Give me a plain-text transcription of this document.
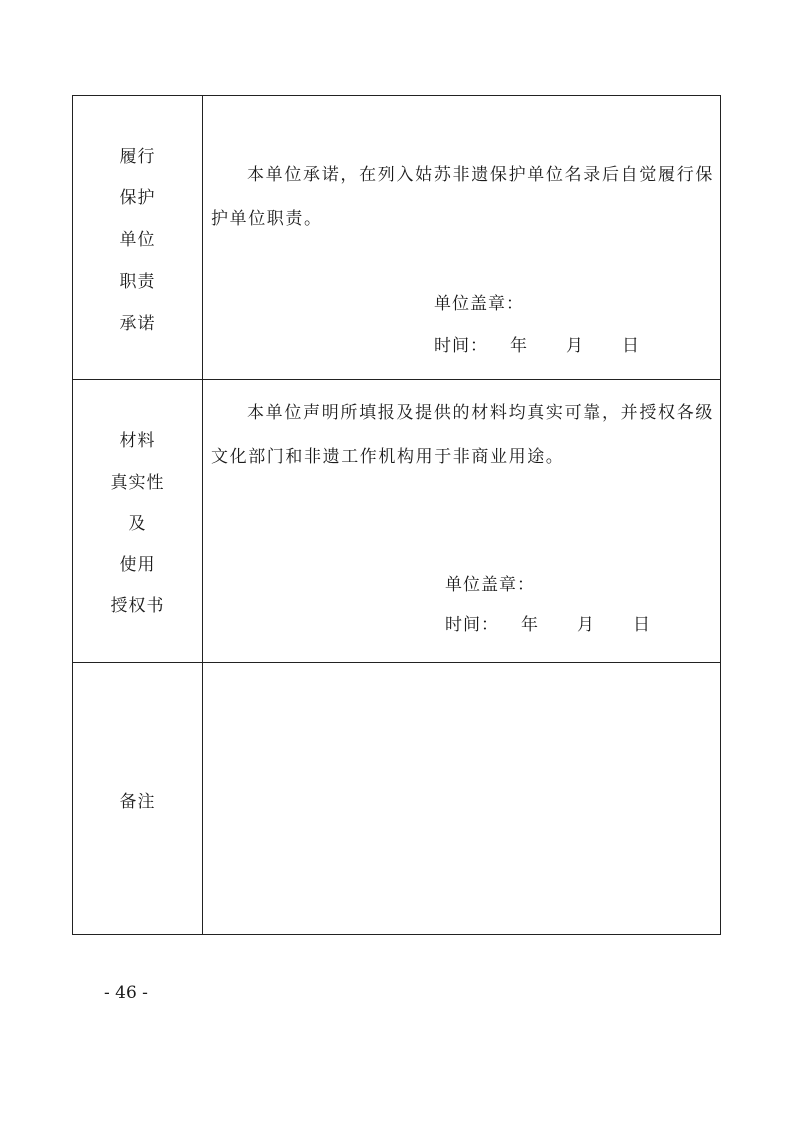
履行
保护
单位
职责
承诺
本单位承诺，在列入姑苏非遗保护单位名录后自觉履行保护单位职责。
单位盖章：
时间： 年 月 日
材料
真实性
及
使用
授权书
本单位声明所填报及提供的材料均真实可靠，并授权各级文化部门和非遗工作机构用于非商业用途。
单位盖章：
时间： 年 月 日
备注
- 46 -
